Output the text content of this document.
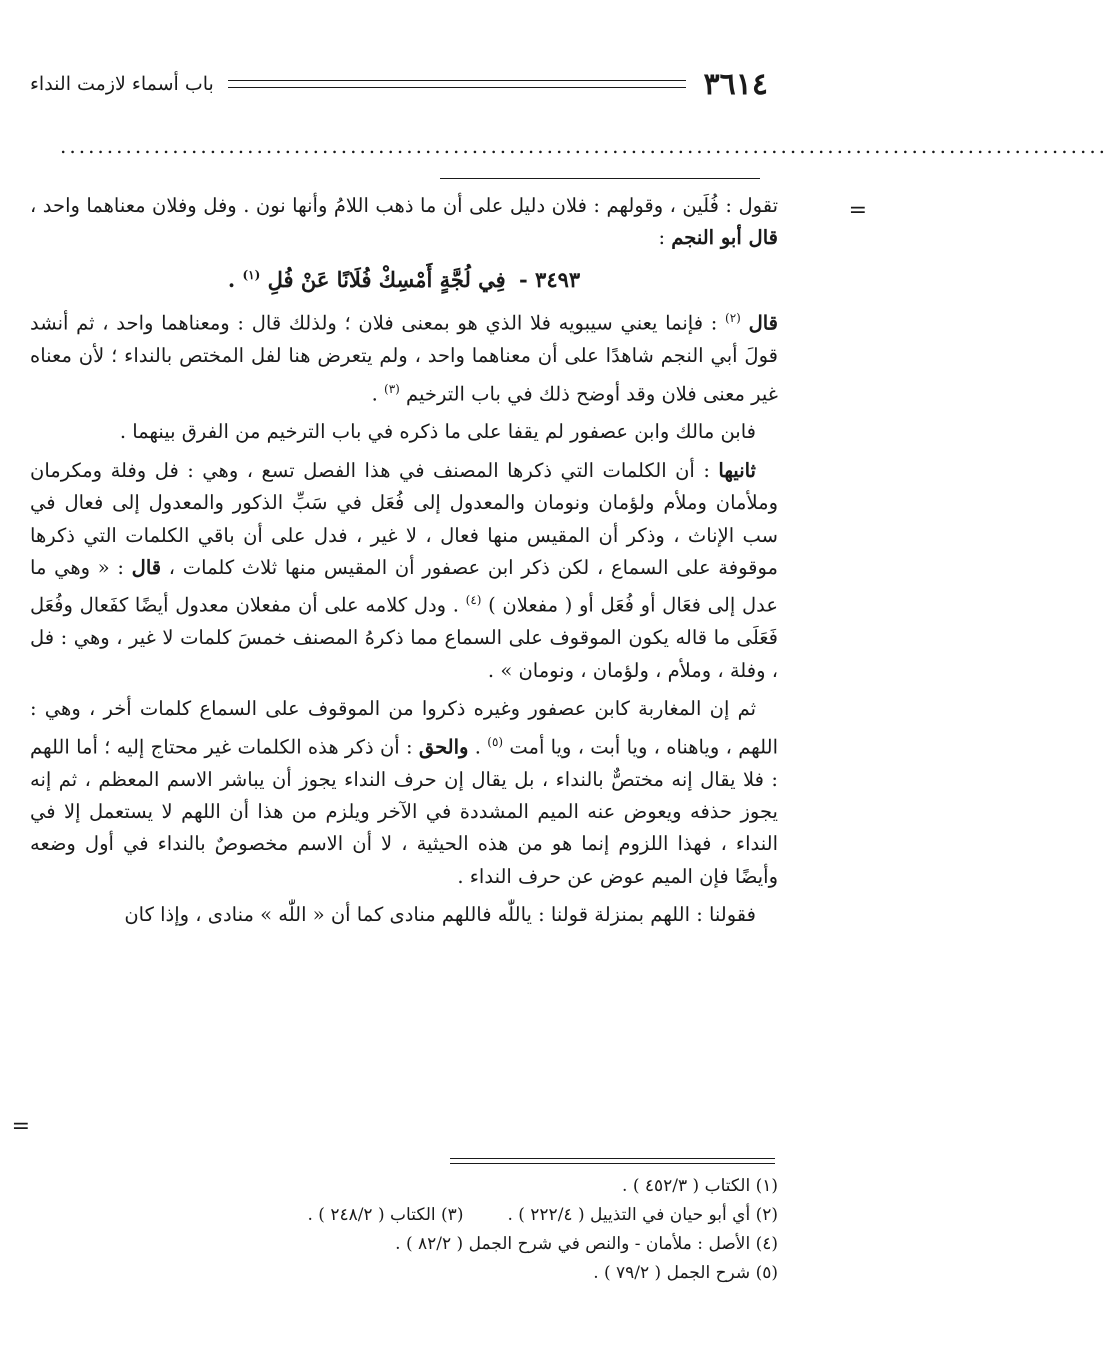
٣٦١٤
باب أسماء لازمت النداء
................................................................................................................
=

تقول : فُلَين ، وقولهم : فلان دليل على أن ما ذهب اللامُ وأنها نون . وفل وفلان معناهما واحد ، قال أبو النجم :

٣٤٩٣ - فِي لُجَّةٍ أَمْسِكْ فُلَانًا عَنْ فُلِ $^{(١)}$ .

قال $^{(٢)}$ : فإنما يعني سيبويه فلا الذي هو بمعنى فلان ؛ ولذلك قال : ومعناهما واحد ، ثم أنشد قولَ أبي النجم شاهدًا على أن معناهما واحد ، ولم يتعرض هنا لفل المختص بالنداء ؛ لأن معناه غير معنى فلان وقد أوضح ذلك في باب الترخيم $^{(٣)}$ .

فابن مالك وابن عصفور لم يقفا على ما ذكره في باب الترخيم من الفرق بينهما .

ثانيها : أن الكلمات التي ذكرها المصنف في هذا الفصل تسع ، وهي : فل وفلة ومكرمان وملأمان وملأم ولؤمان ونومان والمعدول إلى فُعَل في سَبِّ الذكور والمعدول إلى فعال في سب الإناث ، وذكر أن المقيس منها فعال ، لا غير ، فدل على أن باقي الكلمات التي ذكرها موقوفة على السماع ، لكن ذكر ابن عصفور أن المقيس منها ثلاث كلمات ، قال : « وهي ما عدل إلى فعَال أو فُعَل أو ( مفعلان ) $^{(٤)}$ . ودل كلامه على أن مفعلان معدول أيضًا كفَعال وفُعَل فَعَلَى ما قاله يكون الموقوف على السماع مما ذكرهُ المصنف خمسَ كلمات لا غير ، وهي : فل ، وفلة ، وملأم ، ولؤمان ، ونومان » .

ثم إن المغاربة كابن عصفور وغيره ذكروا من الموقوف على السماع كلمات أخر ، وهي : اللهم ، وياهناه ، ويا أبت ، ويا أمت $^{(٥)}$ . والحق : أن ذكر هذه الكلمات غير محتاج إليه ؛ أما اللهم : فلا يقال إنه مختصٌّ بالنداء ، بل يقال إن حرف النداء يجوز أن يباشر الاسم المعظم ، ثم إنه يجوز حذفه ويعوض عنه الميم المشددة في الآخر ويلزم من هذا أن اللهم لا يستعمل إلا في النداء ، فهذا اللزوم إنما هو من هذه الحيثية ، لا أن الاسم مخصوصٌ بالنداء في أول وضعه وأيضًا فإن الميم عوض عن حرف النداء .

فقولنا : اللهم بمنزلة قولنا : ياللّٰه فاللهم منادى كما أن « اللّٰه » منادى ، وإذا كان

=
(١) الكتاب ( ٤٥٢/٣ ) .
(٢) أي أبو حيان في التذييل ( ٢٢٢/٤ ) .
(٣) الكتاب ( ٢٤٨/٢ ) .
(٤) الأصل : ملأمان - والنص في شرح الجمل ( ٨٢/٢ ) .
(٥) شرح الجمل ( ٧٩/٢ ) .
